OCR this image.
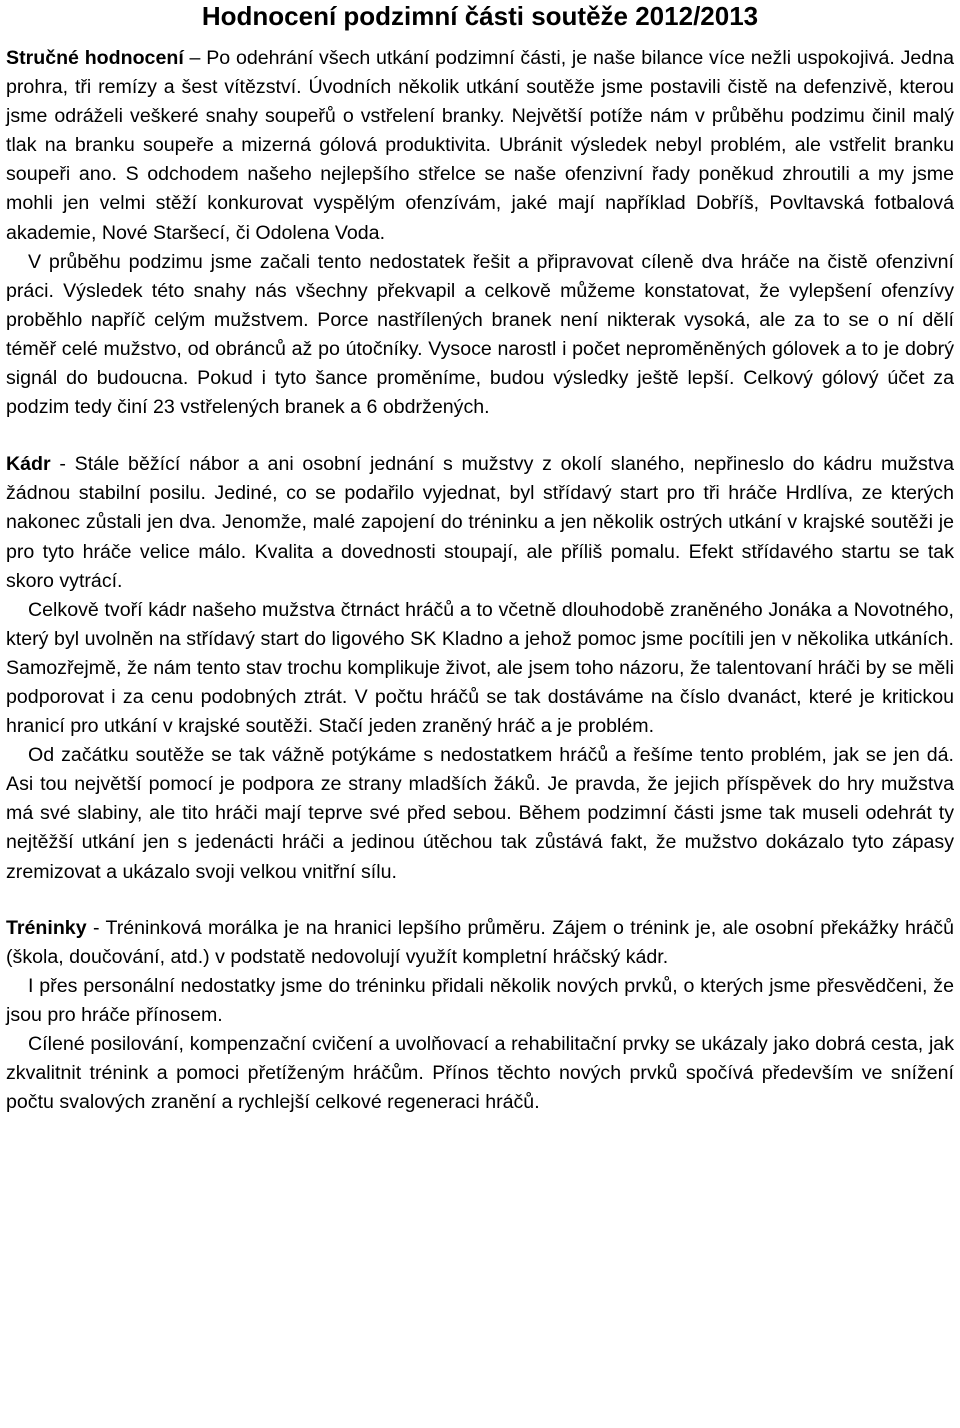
Hodnocení podzimní části soutěže 2012/2013

Stručné hodnocení – Po odehrání všech utkání podzimní části, je naše bilance více nežli uspokojivá. Jedna prohra, tři remízy a šest vítězství. Úvodních několik utkání soutěže jsme postavili čistě na defenzivě, kterou jsme odráželi veškeré snahy soupeřů o vstřelení branky. Největší potíže nám v průběhu podzimu činil malý tlak na branku soupeře a mizerná gólová produktivita. Ubránit výsledek nebyl problém, ale vstřelit branku soupeři ano. S odchodem našeho nejlepšího střelce se naše ofenzivní řady poněkud zhroutili a my jsme mohli jen velmi stěží konkurovat vyspělým ofenzívám, jaké mají například Dobříš, Povltavská fotbalová akademie, Nové Staršecí, či Odolena Voda.

V průběhu podzimu jsme začali tento nedostatek řešit a připravovat cíleně dva hráče na čistě ofenzivní práci. Výsledek této snahy nás všechny překvapil a celkově můžeme konstatovat, že vylepšení ofenzívy proběhlo napříč celým mužstvem. Porce nastřílených branek není nikterak vysoká, ale za to se o ní dělí téměř celé mužstvo, od obránců až po útočníky. Vysoce narostl i počet neproměněných gólovek a to je dobrý signál do budoucna. Pokud i tyto šance proměníme, budou výsledky ještě lepší. Celkový gólový účet za podzim tedy činí 23 vstřelených branek a 6 obdržených.

Kádr - Stále běžící nábor a ani osobní jednání s mužstvy z okolí slaného, nepřineslo do kádru mužstva žádnou stabilní posilu. Jediné, co se podařilo vyjednat, byl střídavý start pro tři hráče Hrdlíva, ze kterých nakonec zůstali jen dva. Jenomže, malé zapojení do tréninku a jen několik ostrých utkání v krajské soutěži je pro tyto hráče velice málo. Kvalita a dovednosti stoupají, ale příliš pomalu. Efekt střídavého startu se tak skoro vytrácí.

Celkově tvoří kádr našeho mužstva čtrnáct hráčů a to včetně dlouhodobě zraněného Jonáka a Novotného, který byl uvolněn na střídavý start do ligového SK Kladno a jehož pomoc jsme pocítili jen v několika utkáních. Samozřejmě, že nám tento stav trochu komplikuje život, ale jsem toho názoru, že talentovaní hráči by se měli podporovat i za cenu podobných ztrát. V počtu hráčů se tak dostáváme na číslo dvanáct, které je kritickou hranicí pro utkání v krajské soutěži. Stačí jeden zraněný hráč a je problém.

Od začátku soutěže se tak vážně potýkáme s nedostatkem hráčů a řešíme tento problém, jak se jen dá. Asi tou největší pomocí je podpora ze strany mladších žáků. Je pravda, že jejich příspěvek do hry mužstva má své slabiny, ale tito hráči mají teprve své před sebou. Během podzimní části jsme tak museli odehrát ty nejtěžší utkání jen s jedenácti hráči a jedinou útěchou tak zůstává fakt, že mužstvo dokázalo tyto zápasy zremizovat a ukázalo svoji velkou vnitřní sílu.

Tréninky - Tréninková morálka je na hranici lepšího průměru. Zájem o trénink je, ale osobní překážky hráčů (škola, doučování, atd.) v podstatě nedovolují využít kompletní hráčský kádr.

I přes personální nedostatky jsme do tréninku přidali několik nových prvků, o kterých jsme přesvědčeni, že jsou pro hráče přínosem.

Cílené posilování, kompenzační cvičení a uvolňovací a rehabilitační prvky se ukázaly jako dobrá cesta, jak zkvalitnit trénink a pomoci přetíženým hráčům. Přínos těchto nových prvků spočívá především ve snížení počtu svalových zranění a rychlejší celkové regeneraci hráčů.
